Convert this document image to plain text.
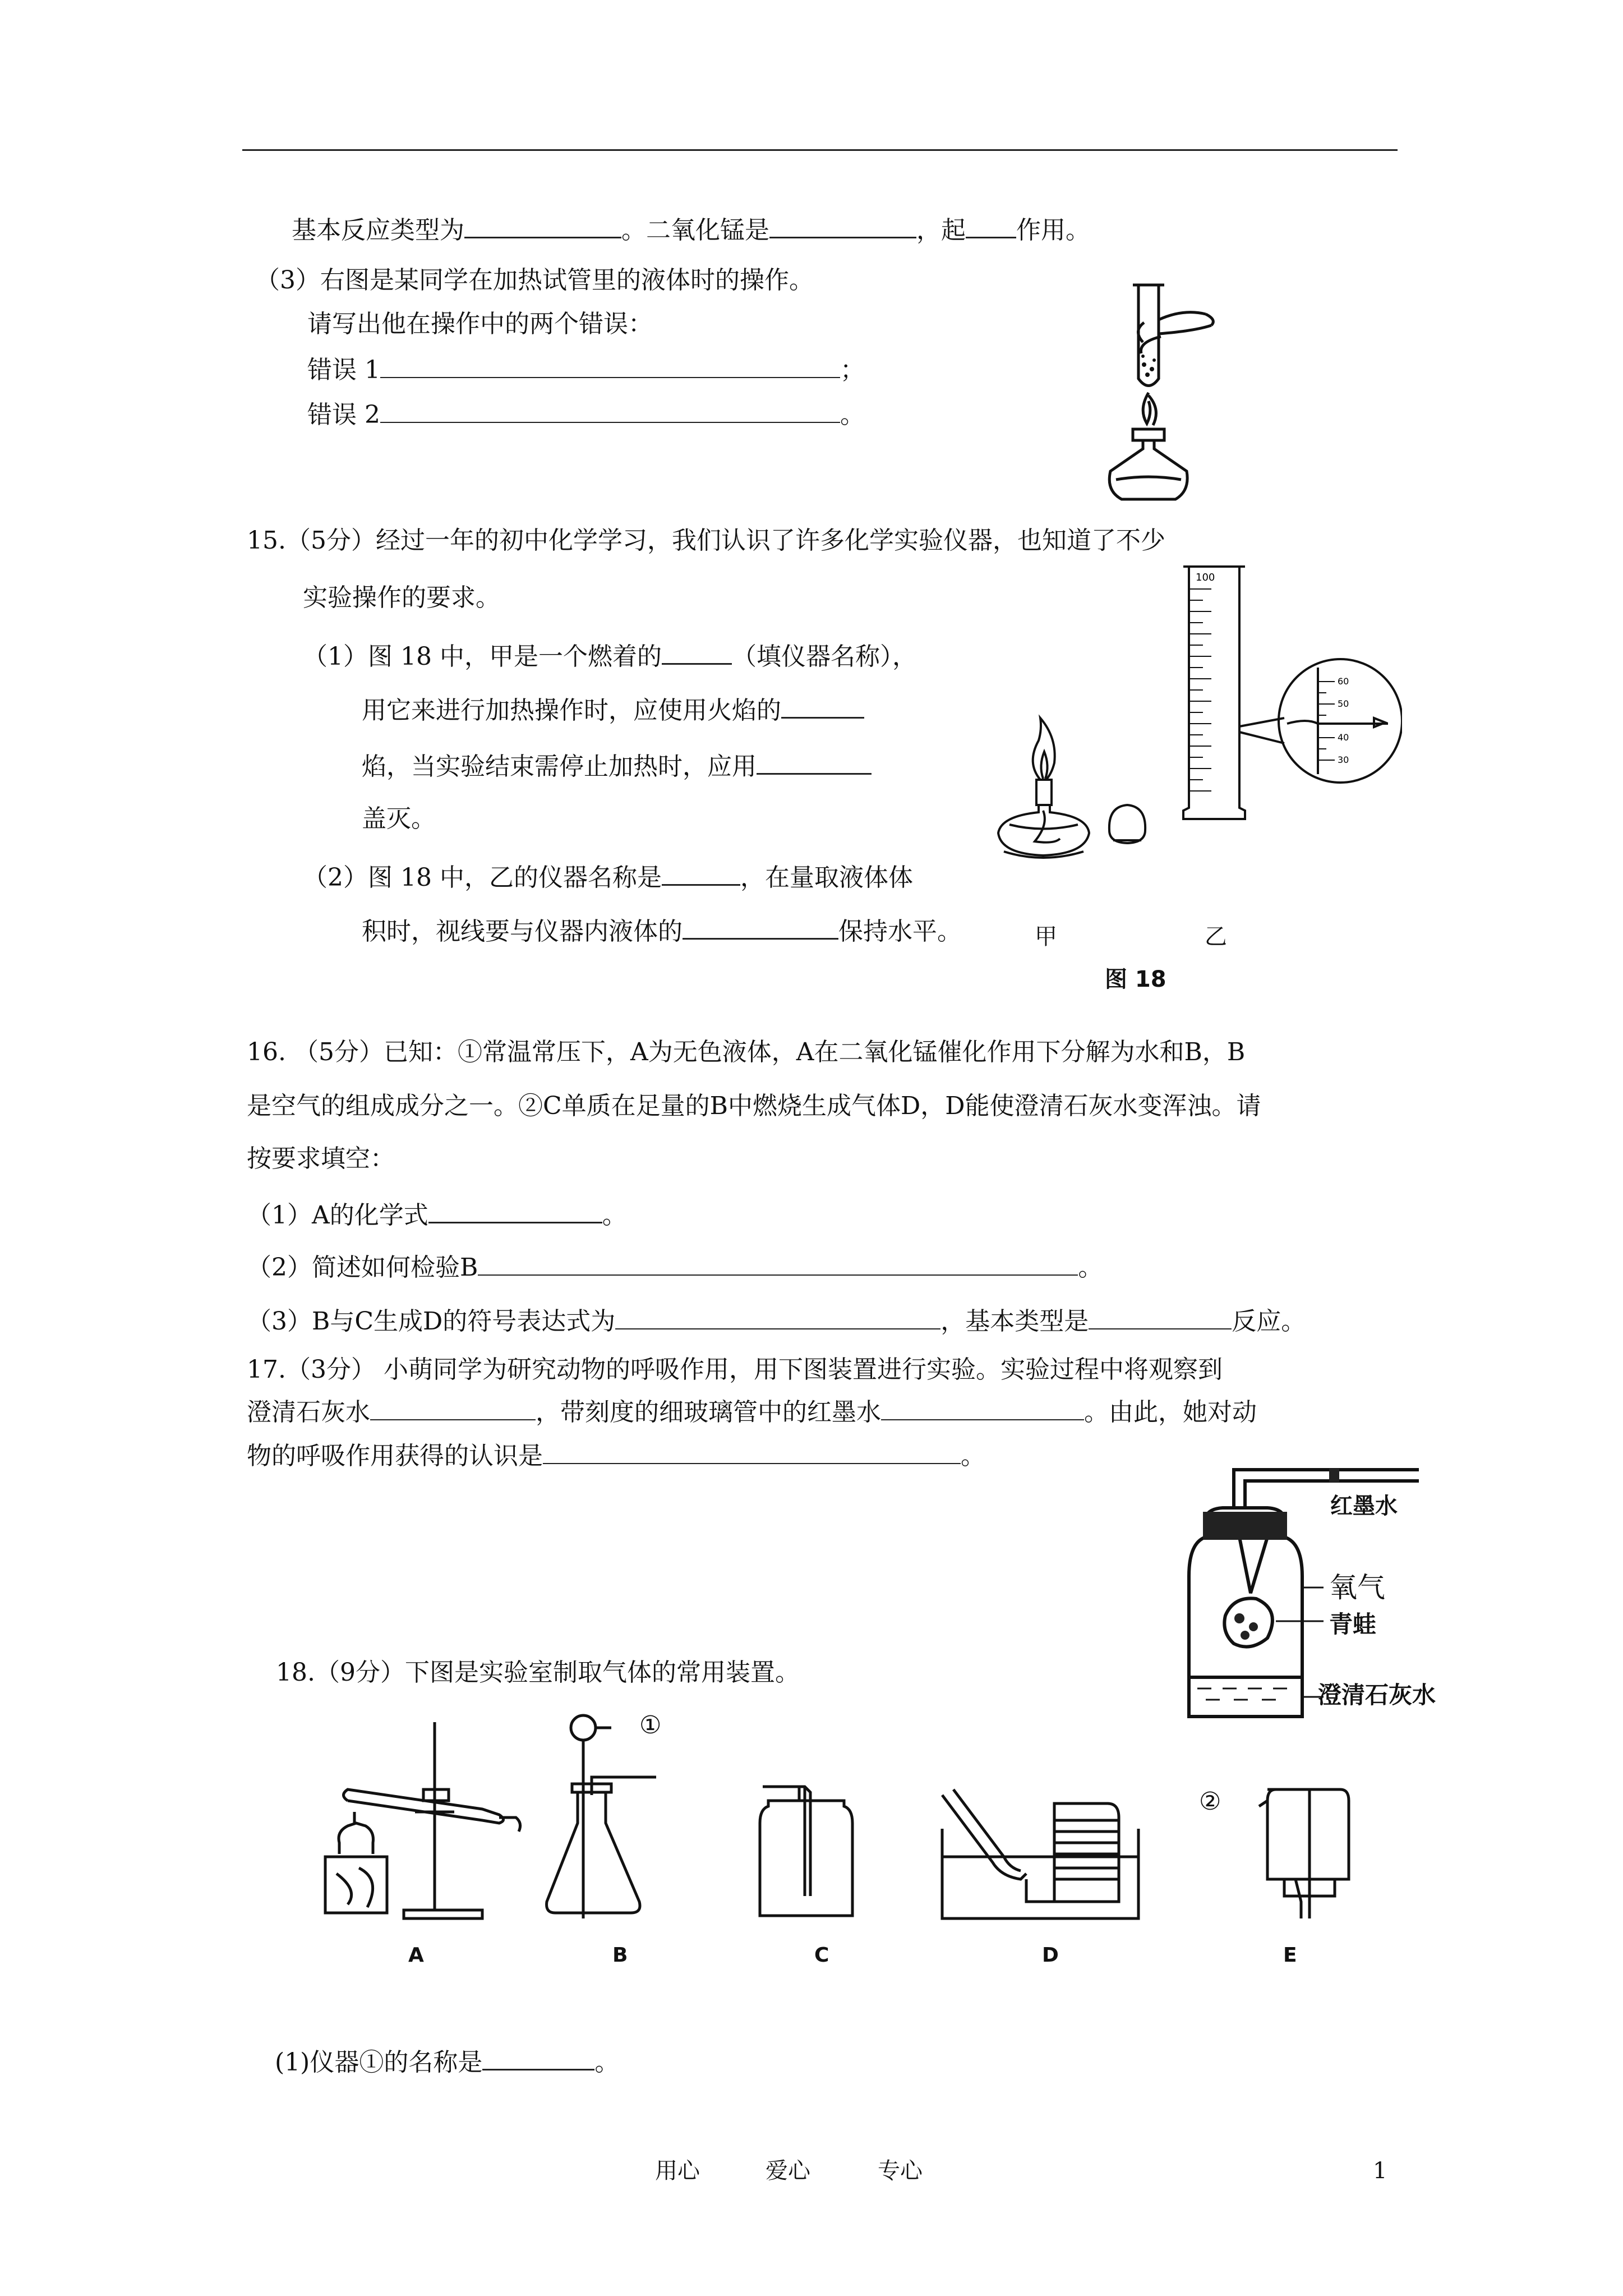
基本反应类型为	。二氧化锰是	，起 作用。
（3）右图是某同学在加热试管里的液体时的操作。
请写出他在操作中的两个错误：
错误 1	；
错误 2	。
15.（5分）经过一年的初中化学学习，我们认识了许多化学实验仪器，也知道了不少
实验操作的要求。
（1）图 18 中，甲是一个燃着的	（填仪器名称），
用它来进行加热操作时，应使用火焰的
焰，当实验结束需停止加热时，应用
盖灭。
（2）图 18 中，乙的仪器名称是	，在量取液体体
积时，视线要与仪器内液体的	保持水平。	甲
100
60
50
40
30
乙
图 18
16. （5分）已知：①常温常压下，A为无色液体，A在二氧化锰催化作用下分解为水和B，B
是空气的组成成分之一。②C单质在足量的B中燃烧生成气体D，D能使澄清石灰水变浑浊。请
按要求填空：
（1）A的化学式	。
（2）简述如何检验B	。
（3）B与C生成D的符号表达式为	，基本类型是	反应。
17.（3分） 小萌同学为研究动物的呼吸作用，用下图装置进行实验。实验过程中将观察到
澄清石灰水	，带刻度的细玻璃管中的红墨水	。由此，她对动
物的呼吸作用获得的认识是	。
红墨水
氧气
青蛙
澄清石灰水
18.（9分）下图是实验室制取气体的常用装置。
①
②
A	B	C	D	E
(1)仪器①的名称是	。
用心	爱心	专心	1
